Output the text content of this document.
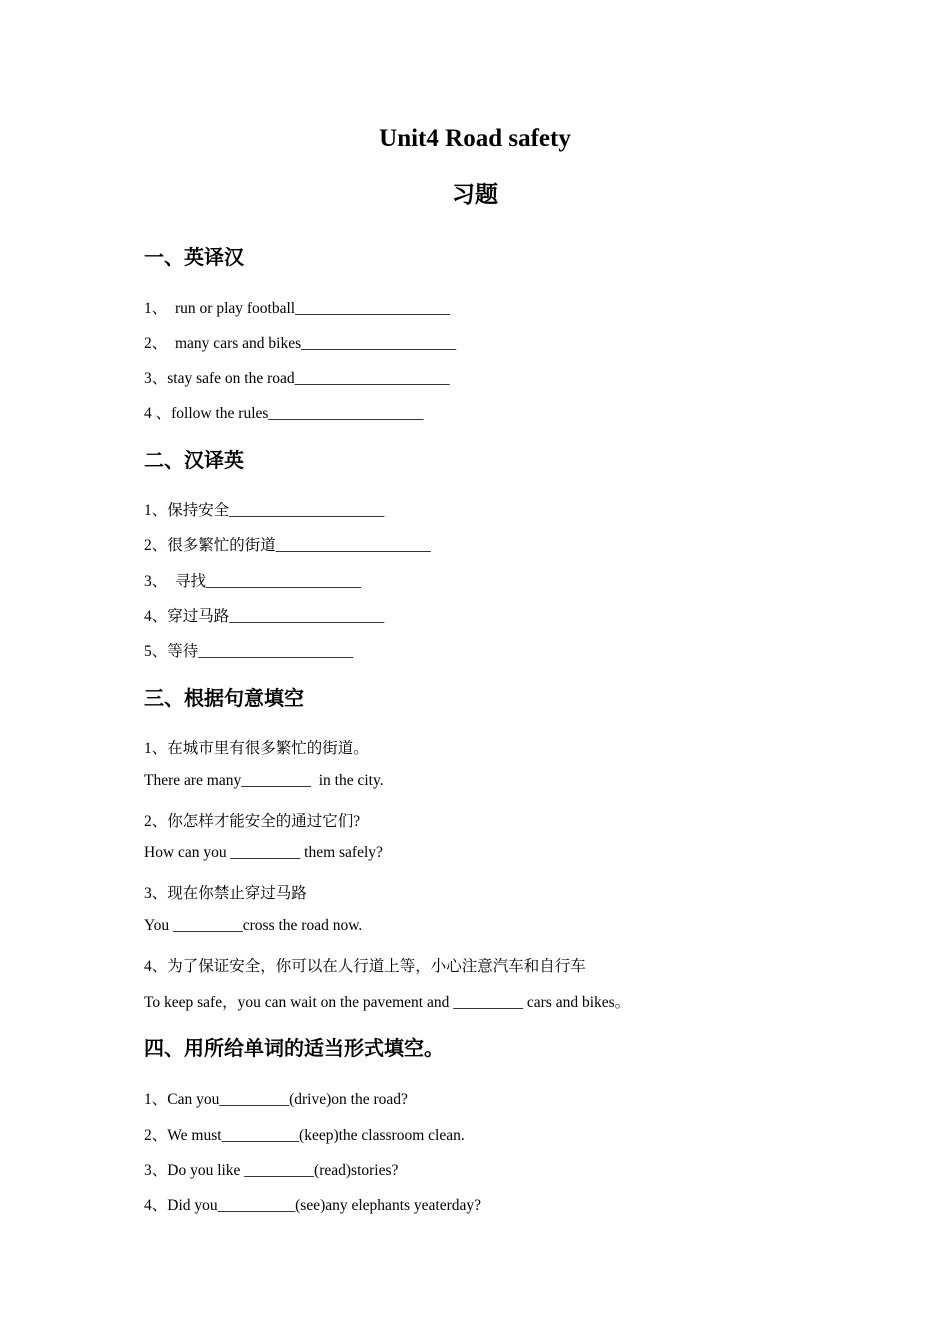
Unit4 Road safety
习题
一、英译汉

1、  run or play football____________________

2、  many cars and bikes____________________

3、stay safe on the road____________________

4 、follow the rules____________________

二、汉译英

1、保持安全____________________

2、很多繁忙的街道____________________

3、  寻找____________________

4、穿过马路____________________

5、等待____________________

三、根据句意填空

1、在城市里有很多繁忙的街道。

There are many_________  in the city.

2、你怎样才能安全的通过它们?

How can you _________ them safely?

3、现在你禁止穿过马路

You _________cross the road now.

4、为了保证安全，你可以在人行道上等，小心注意汽车和自行车

To keep safe，you can wait on the pavement and _________ cars and bikes。

四、用所给单词的适当形式填空。

1、Can you_________(drive)on the road?

2、We must__________(keep)the classroom clean.

3、Do you like _________(read)stories?

4、Did you__________(see)any elephants yeaterday?
